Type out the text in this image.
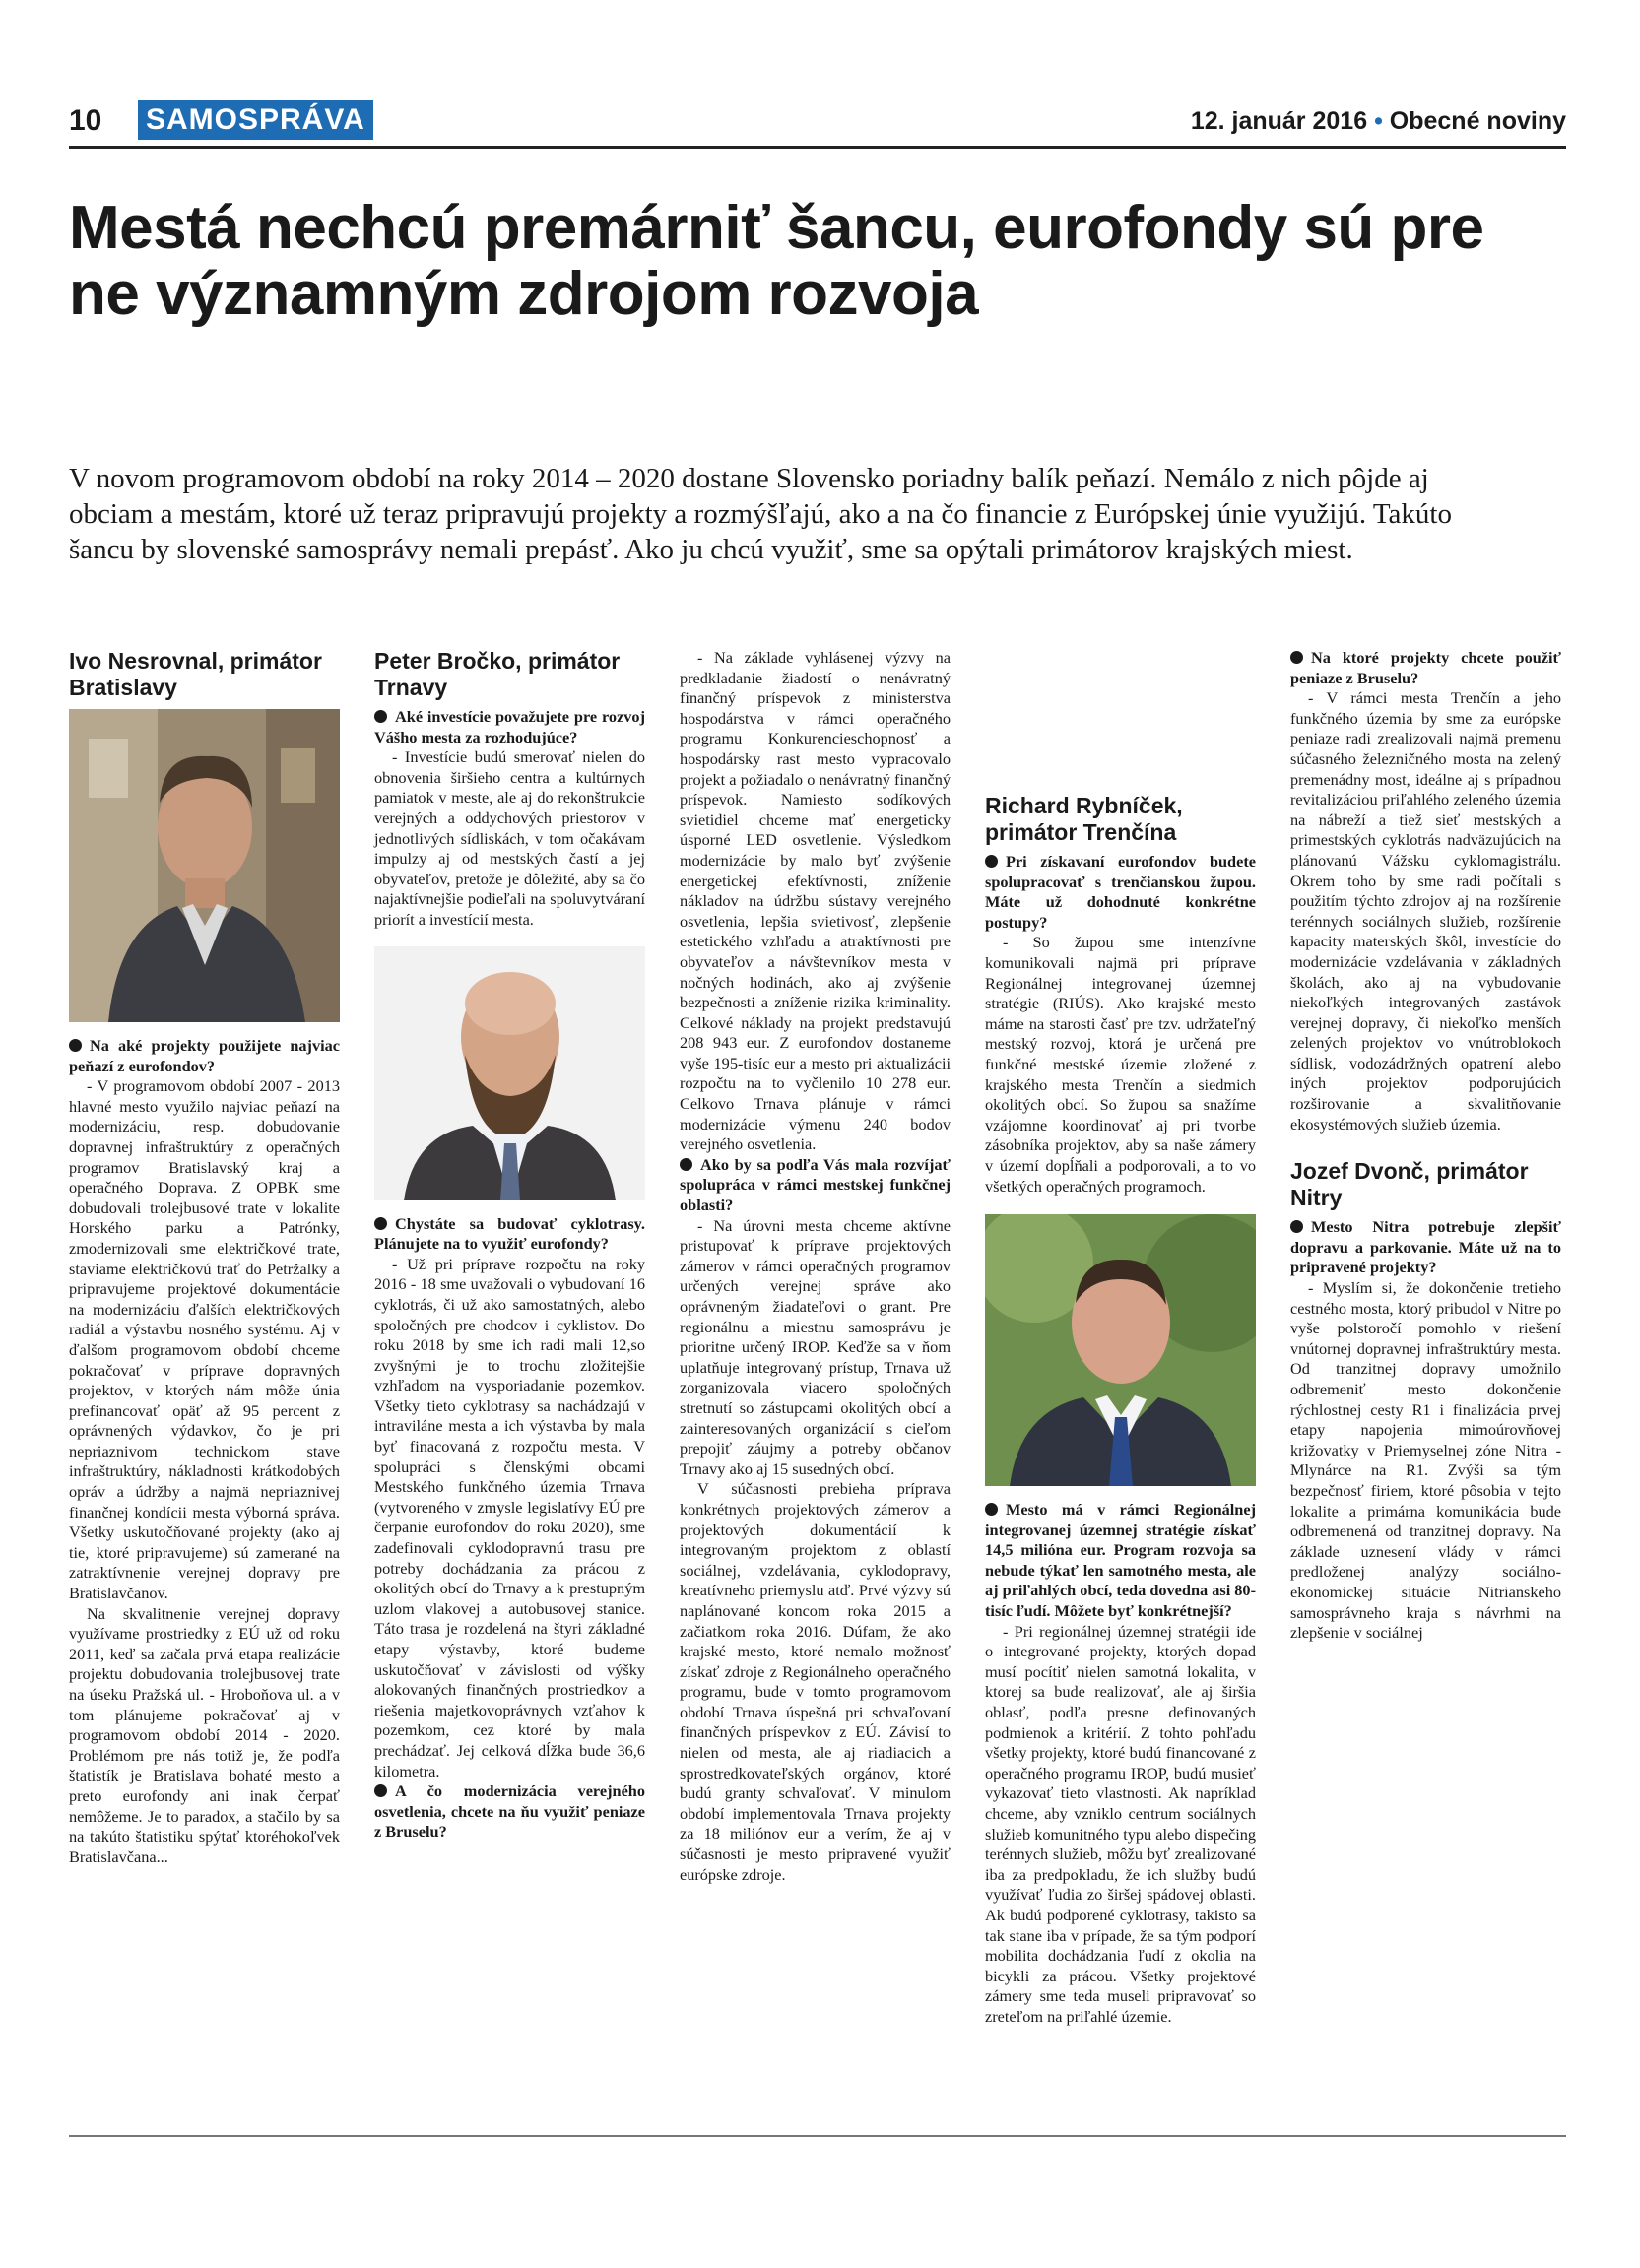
10 SAMOSPRÁVA	12. január 2016 • Obecné noviny
Mestá nechcú premárniť šancu, eurofondy sú pre ne významným zdrojom rozvoja

V novom programovom období na roky 2014 – 2020 dostane Slovensko poriadny balík peňazí. Nemálo z nich pôjde aj obciam a mestám, ktoré už teraz pripravujú projekty a rozmýšľajú, ako a na čo financie z Európskej únie využijú. Takúto šancu by slovenské samosprávy nemali prepásť. Ako ju chcú využiť, sme sa opýtali primátorov krajských miest.

Ivo Nesrovnal, primátor Bratislavy

Na aké projekty použijete najviac peňazí z eurofondov?

- V programovom období 2007 - 2013 hlavné mesto využilo najviac peňazí na modernizáciu, resp. dobudovanie dopravnej infraštruktúry z operačných programov Bratislavský kraj a operačného Doprava. Z OPBK sme dobudovali trolejbusové trate v lokalite Horského parku a Patrónky, zmodernizovali sme električkové trate, staviame električkovú trať do Petržalky a pripravujeme projektové dokumentácie na modernizáciu ďalších električkových radiál a výstavbu nosného systému. Aj v ďalšom programovom období chceme pokračovať v príprave dopravných projektov, v ktorých nám môže únia prefinancovať opäť až 95 percent z oprávnených výdavkov, čo je pri nepriaznivom technickom stave infraštruktúry, nákladnosti krátkodobých opráv a údržby a najmä nepriaznivej finančnej kondícii mesta výborná správa. Všetky uskutočňované projekty (ako aj tie, ktoré pripravujeme) sú zamerané na zatraktívnenie verejnej dopravy pre Bratislavčanov.

Na skvalitnenie verejnej dopravy využívame prostriedky z EÚ už od roku 2011, keď sa začala prvá etapa realizácie projektu dobudovania trolejbusovej trate na úseku Pražská ul. - Hroboňova ul. a v tom plánujeme pokračovať aj v programovom období 2014 - 2020. Problémom pre nás totiž je, že podľa štatistík je Bratislava bohaté mesto a preto eurofondy ani inak čerpať nemôžeme. Je to paradox, a stačilo by sa na takúto štatistiku spýtať ktoréhokoľvek Bratislavčana...

Peter Bročko, primátor Trnavy

Aké investície považujete pre rozvoj Vášho mesta za rozhodujúce?

- Investície budú smerovať nielen do obnovenia širšieho centra a kultúrnych pamiatok v meste, ale aj do rekonštrukcie verejných a oddychových priestorov v jednotlivých sídliskách, v tom očakávam impulzy aj od mestských častí a jej obyvateľov, pretože je dôležité, aby sa čo najaktívnejšie podieľali na spoluvytváraní priorít a investícií mesta.

Chystáte sa budovať cyklotrasy. Plánujete na to využiť eurofondy?

- Už pri príprave rozpočtu na roky 2016 - 18 sme uvažovali o vybudovaní 16 cyklotrás, či už ako samostatných, alebo spoločných pre chodcov i cyklistov. Do roku 2018 by sme ich radi mali 12,so zvyšnými je to trochu zložitejšie vzhľadom na vysporiadanie pozemkov. Všetky tieto cyklotrasy sa nachádzajú v intraviláne mesta a ich výstavba by mala byť finacovaná z rozpočtu mesta. V spolupráci s členskými obcami Mestského funkčného územia Trnava (vytvoreného v zmysle legislatívy EÚ pre čerpanie eurofondov do roku 2020), sme zadefinovali cyklodopravnú trasu pre potreby dochádzania za prácou z okolitých obcí do Trnavy a k prestupným uzlom vlakovej a autobusovej stanice. Táto trasa je rozdelená na štyri základné etapy výstavby, ktoré budeme uskutočňovať v závislosti od výšky alokovaných finančných prostriedkov a riešenia majetkovoprávnych vzťahov k pozemkom, cez ktoré by mala prechádzať. Jej celková dĺžka bude 36,6 kilometra.

A čo modernizácia verejného osvetlenia, chcete na ňu využiť peniaze z Bruselu?

- Na základe vyhlásenej výzvy na predkladanie žiadostí o nenávratný finančný príspevok z ministerstva hospodárstva v rámci operačného programu Konkurencieschopnosť a hospodársky rast mesto vypracovalo projekt a požiadalo o nenávratný finančný príspevok. Namiesto sodíkových svietidiel chceme mať energeticky úsporné LED osvetlenie. Výsledkom modernizácie by malo byť zvýšenie energetickej efektívnosti, zníženie nákladov na údržbu sústavy verejného osvetlenia, lepšia svietivosť, zlepšenie estetického vzhľadu a atraktívnosti pre obyvateľov a návštevníkov mesta v nočných hodinách, ako aj zvýšenie bezpečnosti a zníženie rizika kriminality. Celkové náklady na projekt predstavujú 208 943 eur. Z eurofondov dostaneme vyše 195-tisíc eur a mesto pri aktualizácii rozpočtu na to vyčlenilo 10 278 eur. Celkovo Trnava plánuje v rámci modernizácie výmenu 240 bodov verejného osvetlenia.

Ako by sa podľa Vás mala rozvíjať spolupráca v rámci mestskej funkčnej oblasti?

- Na úrovni mesta chceme aktívne pristupovať k príprave projektových zámerov v rámci operačných programov určených verejnej správe ako oprávneným žiadateľovi o grant. Pre regionálnu a miestnu samosprávu je prioritne určený IROP. Keďže sa v ňom uplatňuje integrovaný prístup, Trnava už zorganizovala viacero spoločných stretnutí so zástupcami okolitých obcí a zainteresovaných organizácií s cieľom prepojiť záujmy a potreby občanov Trnavy ako aj 15 susedných obcí.

V súčasnosti prebieha príprava konkrétnych projektových zámerov a projektových dokumentácií k integrovaným projektom z oblastí sociálnej, vzdelávania, cyklodopravy, kreatívneho priemyslu atď. Prvé výzvy sú naplánované koncom roka 2015 a začiatkom roka 2016. Dúfam, že ako krajské mesto, ktoré nemalo možnosť získať zdroje z Regionálneho operačného programu, bude v tomto programovom období Trnava úspešná pri schvaľovaní finančných príspevkov z EÚ. Závisí to nielen od mesta, ale aj riadiacich a sprostredkovateľských orgánov, ktoré budú granty schvaľovať. V minulom období implementovala Trnava projekty za 18 miliónov eur a verím, že aj v súčasnosti je mesto pripravené využiť európske zdroje.

Richard Rybníček, primátor Trenčína

Pri získavaní eurofondov budete spolupracovať s trenčianskou župou. Máte už dohodnuté konkrétne postupy?

- So župou sme intenzívne komunikovali najmä pri príprave Regionálnej integrovanej územnej stratégie (RIÚS). Ako krajské mesto máme na starosti časť pre tzv. udržateľný mestský rozvoj, ktorá je určená pre funkčné mestské územie zložené z krajského mesta Trenčín a siedmich okolitých obcí. So župou sa snažíme vzájomne koordinovať aj pri tvorbe zásobníka projektov, aby sa naše zámery v území dopĺňali a podporovali, a to vo všetkých operačných programoch.

Mesto má v rámci Regionálnej integrovanej územnej stratégie získať 14,5 milióna eur. Program rozvoja sa nebude týkať len samotného mesta, ale aj priľahlých obcí, teda dovedna asi 80-tisíc ľudí. Môžete byť konkrétnejší?

- Pri regionálnej územnej stratégii ide o integrované projekty, ktorých dopad musí pocítiť nielen samotná lokalita, v ktorej sa bude realizovať, ale aj širšia oblasť, podľa presne definovaných podmienok a kritérií. Z tohto pohľadu všetky projekty, ktoré budú financované z operačného programu IROP, budú musieť vykazovať tieto vlastnosti. Ak napríklad chceme, aby vzniklo centrum sociálnych služieb komunitného typu alebo dispečing terénnych služieb, môžu byť zrealizované iba za predpokladu, že ich služby budú využívať ľudia zo širšej spádovej oblasti. Ak budú podporené cyklotrasy, takisto sa tak stane iba v prípade, že sa tým podporí mobilita dochádzania ľudí z okolia na bicykli za prácou. Všetky projektové zámery sme teda museli pripravovať so zreteľom na priľahlé územie.

Na ktoré projekty chcete použiť peniaze z Bruselu?

- V rámci mesta Trenčín a jeho funkčného územia by sme za európske peniaze radi zrealizovali najmä premenu súčasného železničného mosta na zelený premenádny most, ideálne aj s prípadnou revitalizáciou priľahlého zeleného územia na nábreží a tiež sieť mestských a primestských cyklotrás nadväzujúcich na plánovanú Vážsku cyklomagistrálu. Okrem toho by sme radi počítali s použitím týchto zdrojov aj na rozšírenie terénnych sociálnych služieb, rozšírenie kapacity materských škôl, investície do modernizácie vzdelávania v základných školách, ako aj na vybudovanie niekoľkých integrovaných zastávok verejnej dopravy, či niekoľko menších zelených projektov vo vnútroblokoch sídlisk, vodozádržných opatrení alebo iných projektov podporujúcich rozširovanie a skvalitňovanie ekosystémových služieb územia.

Jozef Dvonč, primátor Nitry

Mesto Nitra potrebuje zlepšiť dopravu a parkovanie. Máte už na to pripravené projekty?

- Myslím si, že dokončenie tretieho cestného mosta, ktorý pribudol v Nitre po vyše polstoročí pomohlo v riešení vnútornej dopravnej infraštruktúry mesta. Od tranzitnej dopravy umožnilo odbremeniť mesto dokončenie rýchlostnej cesty R1 i finalizácia prvej etapy napojenia mimoúrovňovej križovatky v Priemyselnej zóne Nitra - Mlynárce na R1. Zvýši sa tým bezpečnosť firiem, ktoré pôsobia v tejto lokalite a primárna komunikácia bude odbremenená od tranzitnej dopravy. Na základe uznesení vlády v rámci predloženej analýzy sociálno-ekonomickej situácie Nitrianskeho samosprávneho kraja s návrhmi na zlepšenie v sociálnej
